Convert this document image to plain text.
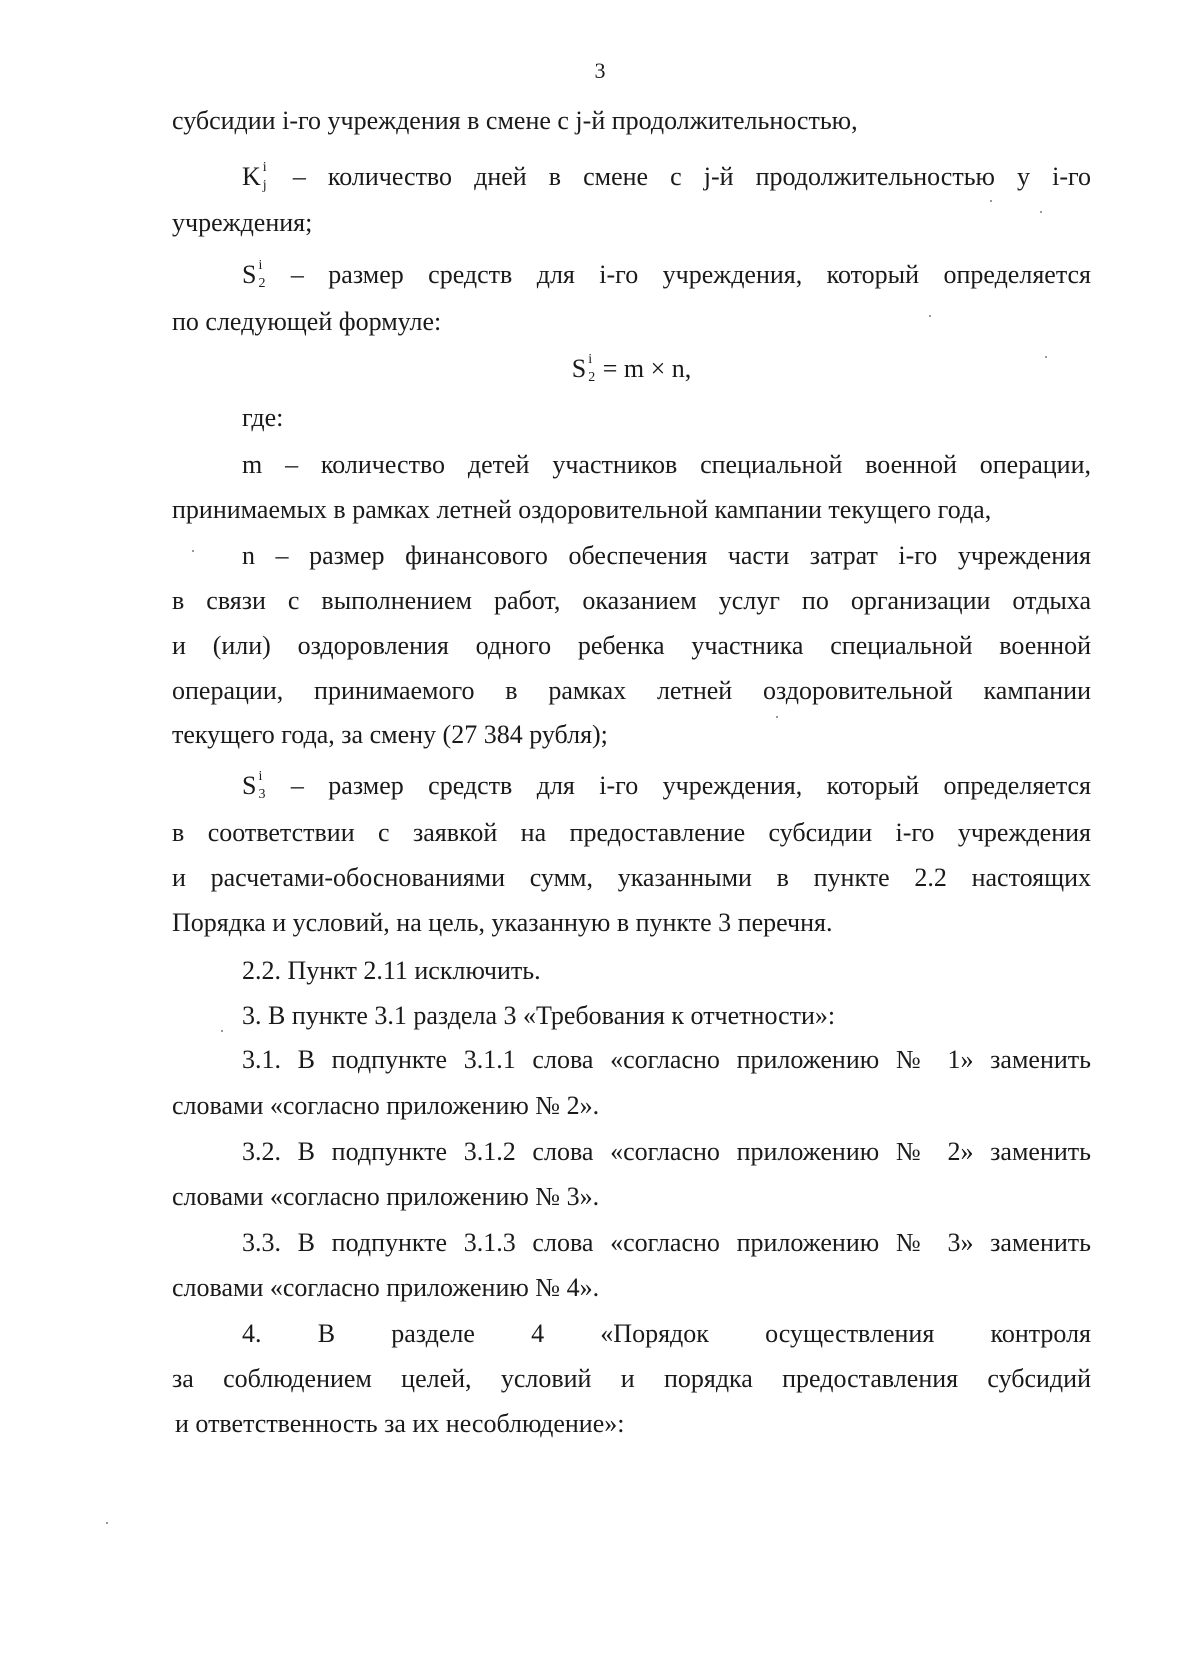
3
субсидии i-го учреждения в смене с j-й продолжительностью,
K i
j – количество дней в смене с j-й продолжительностью у i-го
учреждения;
S i
2 – размер средств для i-го учреждения, который определяется
по следующей формуле:
S i
2 = m × n,
где:
m – количество детей участников специальной военной операции,
принимаемых в рамках летней оздоровительной кампании текущего года,
n – размер финансового обеспечения части затрат i-го учреждения
в связи с выполнением работ, оказанием услуг по организации отдыха
и (или) оздоровления одного ребенка участника специальной военной
операции, принимаемого в рамках летней оздоровительной кампании
текущего года, за смену (27 384 рубля);
S i
3 – размер средств для i-го учреждения, который определяется
в соответствии с заявкой на предоставление субсидии i-го учреждения
и расчетами-обоснованиями сумм, указанными в пункте 2.2 настоящих
Порядка и условий, на цель, указанную в пункте 3 перечня.
2.2. Пункт 2.11 исключить.
3. В пункте 3.1 раздела 3 «Требования к отчетности»:
3.1. В подпункте 3.1.1 слова «согласно приложению № 1» заменить
словами «согласно приложению № 2».
3.2. В подпункте 3.1.2 слова «согласно приложению № 2» заменить
словами «согласно приложению № 3».
3.3. В подпункте 3.1.3 слова «согласно приложению № 3» заменить
словами «согласно приложению № 4».
4. В разделе 4 «Порядок осуществления контроля
за соблюдением целей, условий и порядка предоставления субсидий
и ответственность за их несоблюдение»:
